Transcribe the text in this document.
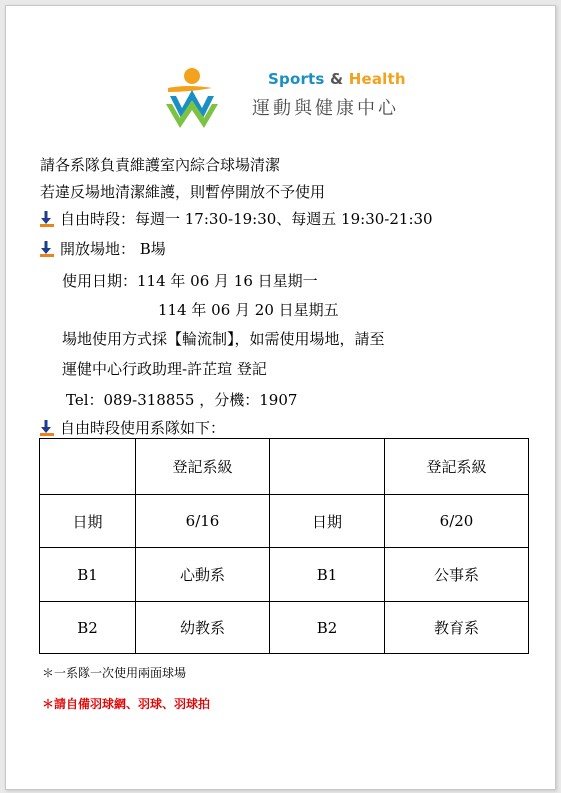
Sports & Health
運動與健康中心
請各系隊負責維護室內綜合球場清潔
若違反場地清潔維護，則暫停開放不予使用
自由時段：每週一 17:30-19:30、每週五 19:30-21:30
開放場地： B場
使用日期：114 年 06 月 16 日星期一
114 年 06 月 20 日星期五
場地使用方式採【輪流制】，如需使用場地，請至
運健中心行政助理-許芷瑄 登記
Tel：089-318855 ，分機：1907
自由時段使用系隊如下：
	登記系級		登記系級
日期	6/16	日期	6/20
B1	心動系	B1	公事系
B2	幼教系	B2	教育系
＊一系隊一次使用兩面球場
＊請自備羽球網、羽球、羽球拍
